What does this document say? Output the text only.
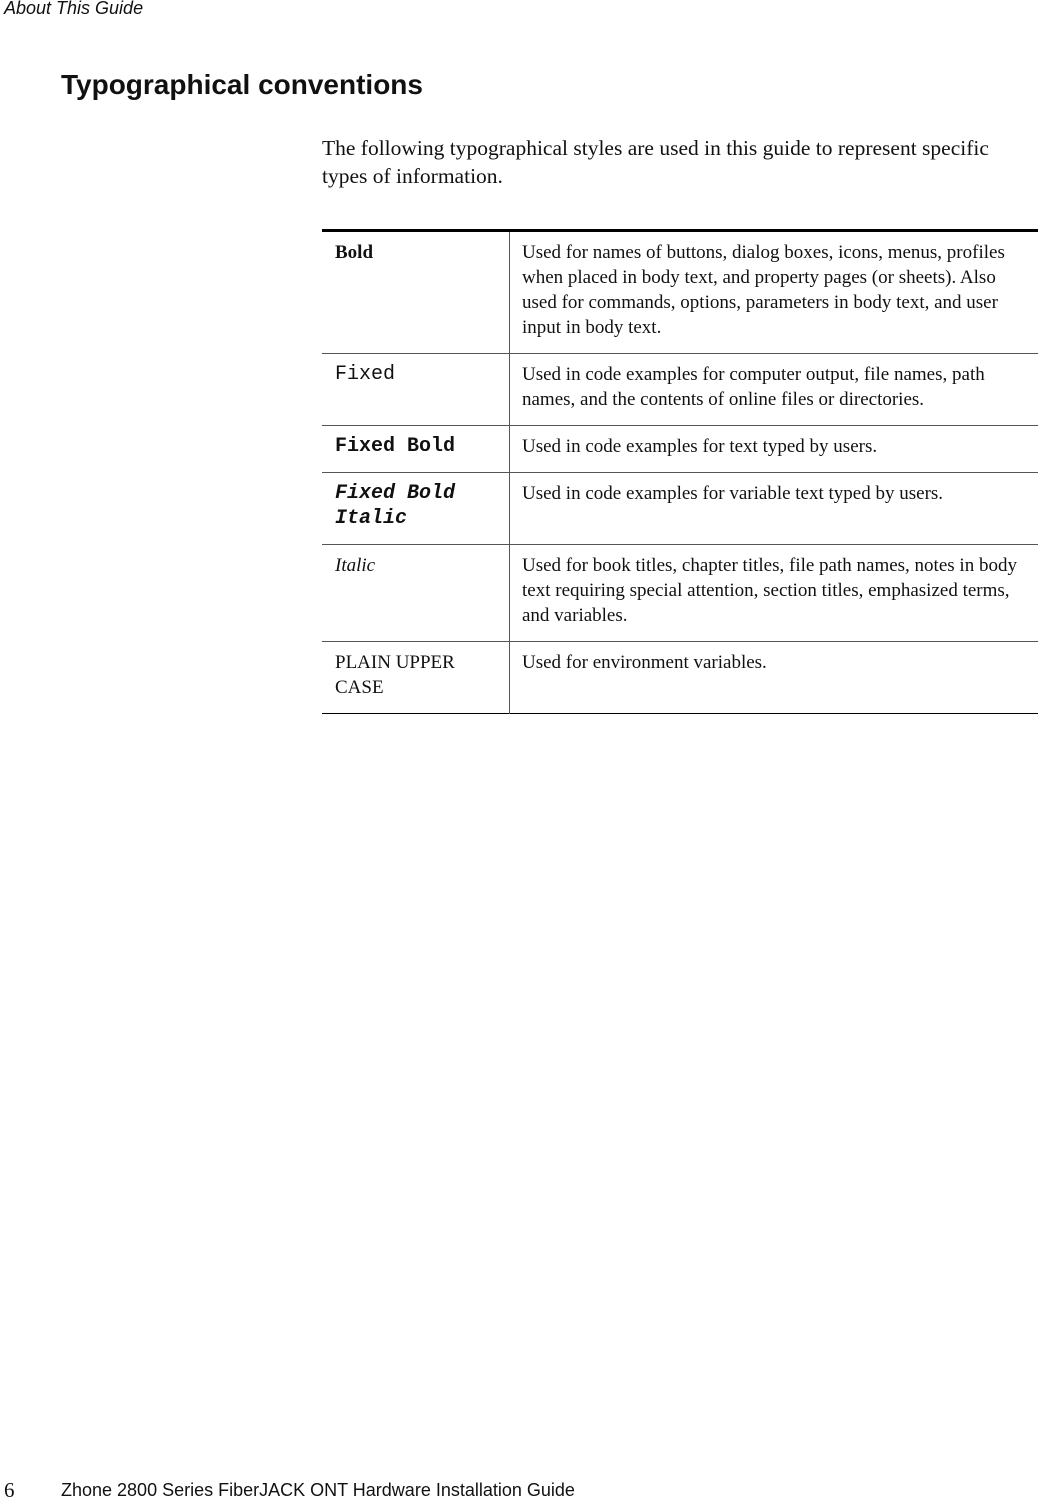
About This Guide
Typographical conventions

The following typographical styles are used in this guide to represent specific types of information.

Bold	Used for names of buttons, dialog boxes, icons, menus, profiles when placed in body text, and property pages (or sheets). Also used for commands, options, parameters in body text, and user input in body text.
Fixed	Used in code examples for computer output, file names, path names, and the contents of online files or directories.
Fixed Bold	Used in code examples for text typed by users.
Fixed Bold Italic	Used in code examples for variable text typed by users.
Italic	Used for book titles, chapter titles, file path names, notes in body text requiring special attention, section titles, emphasized terms, and variables.
PLAIN UPPER CASE	Used for environment variables.
6	Zhone 2800 Series FiberJACK ONT Hardware Installation Guide
